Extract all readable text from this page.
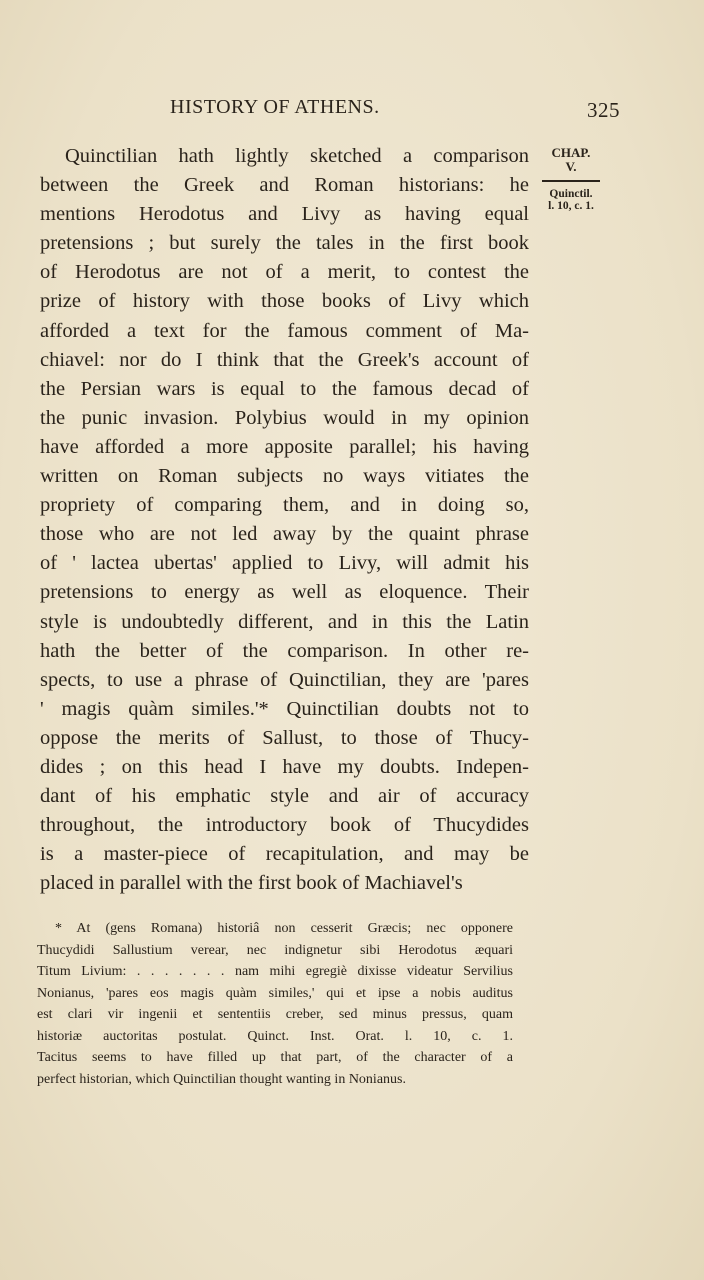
HISTORY OF ATHENS.	325
Quinctilian hath lightly sketched a comparison
between the Greek and Roman historians: he
mentions Herodotus and Livy as having equal
pretensions ; but surely the tales in the first book
of Herodotus are not of a merit, to contest the
prize of history with those books of Livy which
afforded a text for the famous comment of Ma-
chiavel: nor do I think that the Greek's account of
the Persian wars is equal to the famous decad of
the punic invasion. Polybius would in my opinion
have afforded a more apposite parallel; his having
written on Roman subjects no ways vitiates the
propriety of comparing them, and in doing so,
those who are not led away by the quaint phrase
of ' lactea ubertas' applied to Livy, will admit his
pretensions to energy as well as eloquence. Their
style is undoubtedly different, and in this the Latin
hath the better of the comparison. In other re-
spects, to use a phrase of Quinctilian, they are 'pares
' magis quàm similes.'* Quinctilian doubts not to
oppose the merits of Sallust, to those of Thucy-
dides ; on this head I have my doubts. Indepen-
dant of his emphatic style and air of accuracy
throughout, the introductory book of Thucydides
is a master-piece of recapitulation, and may be
placed in parallel with the first book of Machiavel's
CHAP.
V.
Quinctil.
l. 10, c. 1.
* At (gens Romana) historiâ non cesserit Græcis; nec opponere
Thucydidi Sallustium verear, nec indignetur sibi Herodotus æquari
Titum Livium: . . . . . . . nam mihi egregiè dixisse videatur Servilius
Nonianus, 'pares eos magis quàm similes,' qui et ipse a nobis auditus
est clari vir ingenii et sententiis creber, sed minus pressus, quam
historiæ auctoritas postulat. Quinct. Inst. Orat. l. 10, c. 1.
Tacitus seems to have filled up that part, of the character of a
perfect historian, which Quinctilian thought wanting in Nonianus.
